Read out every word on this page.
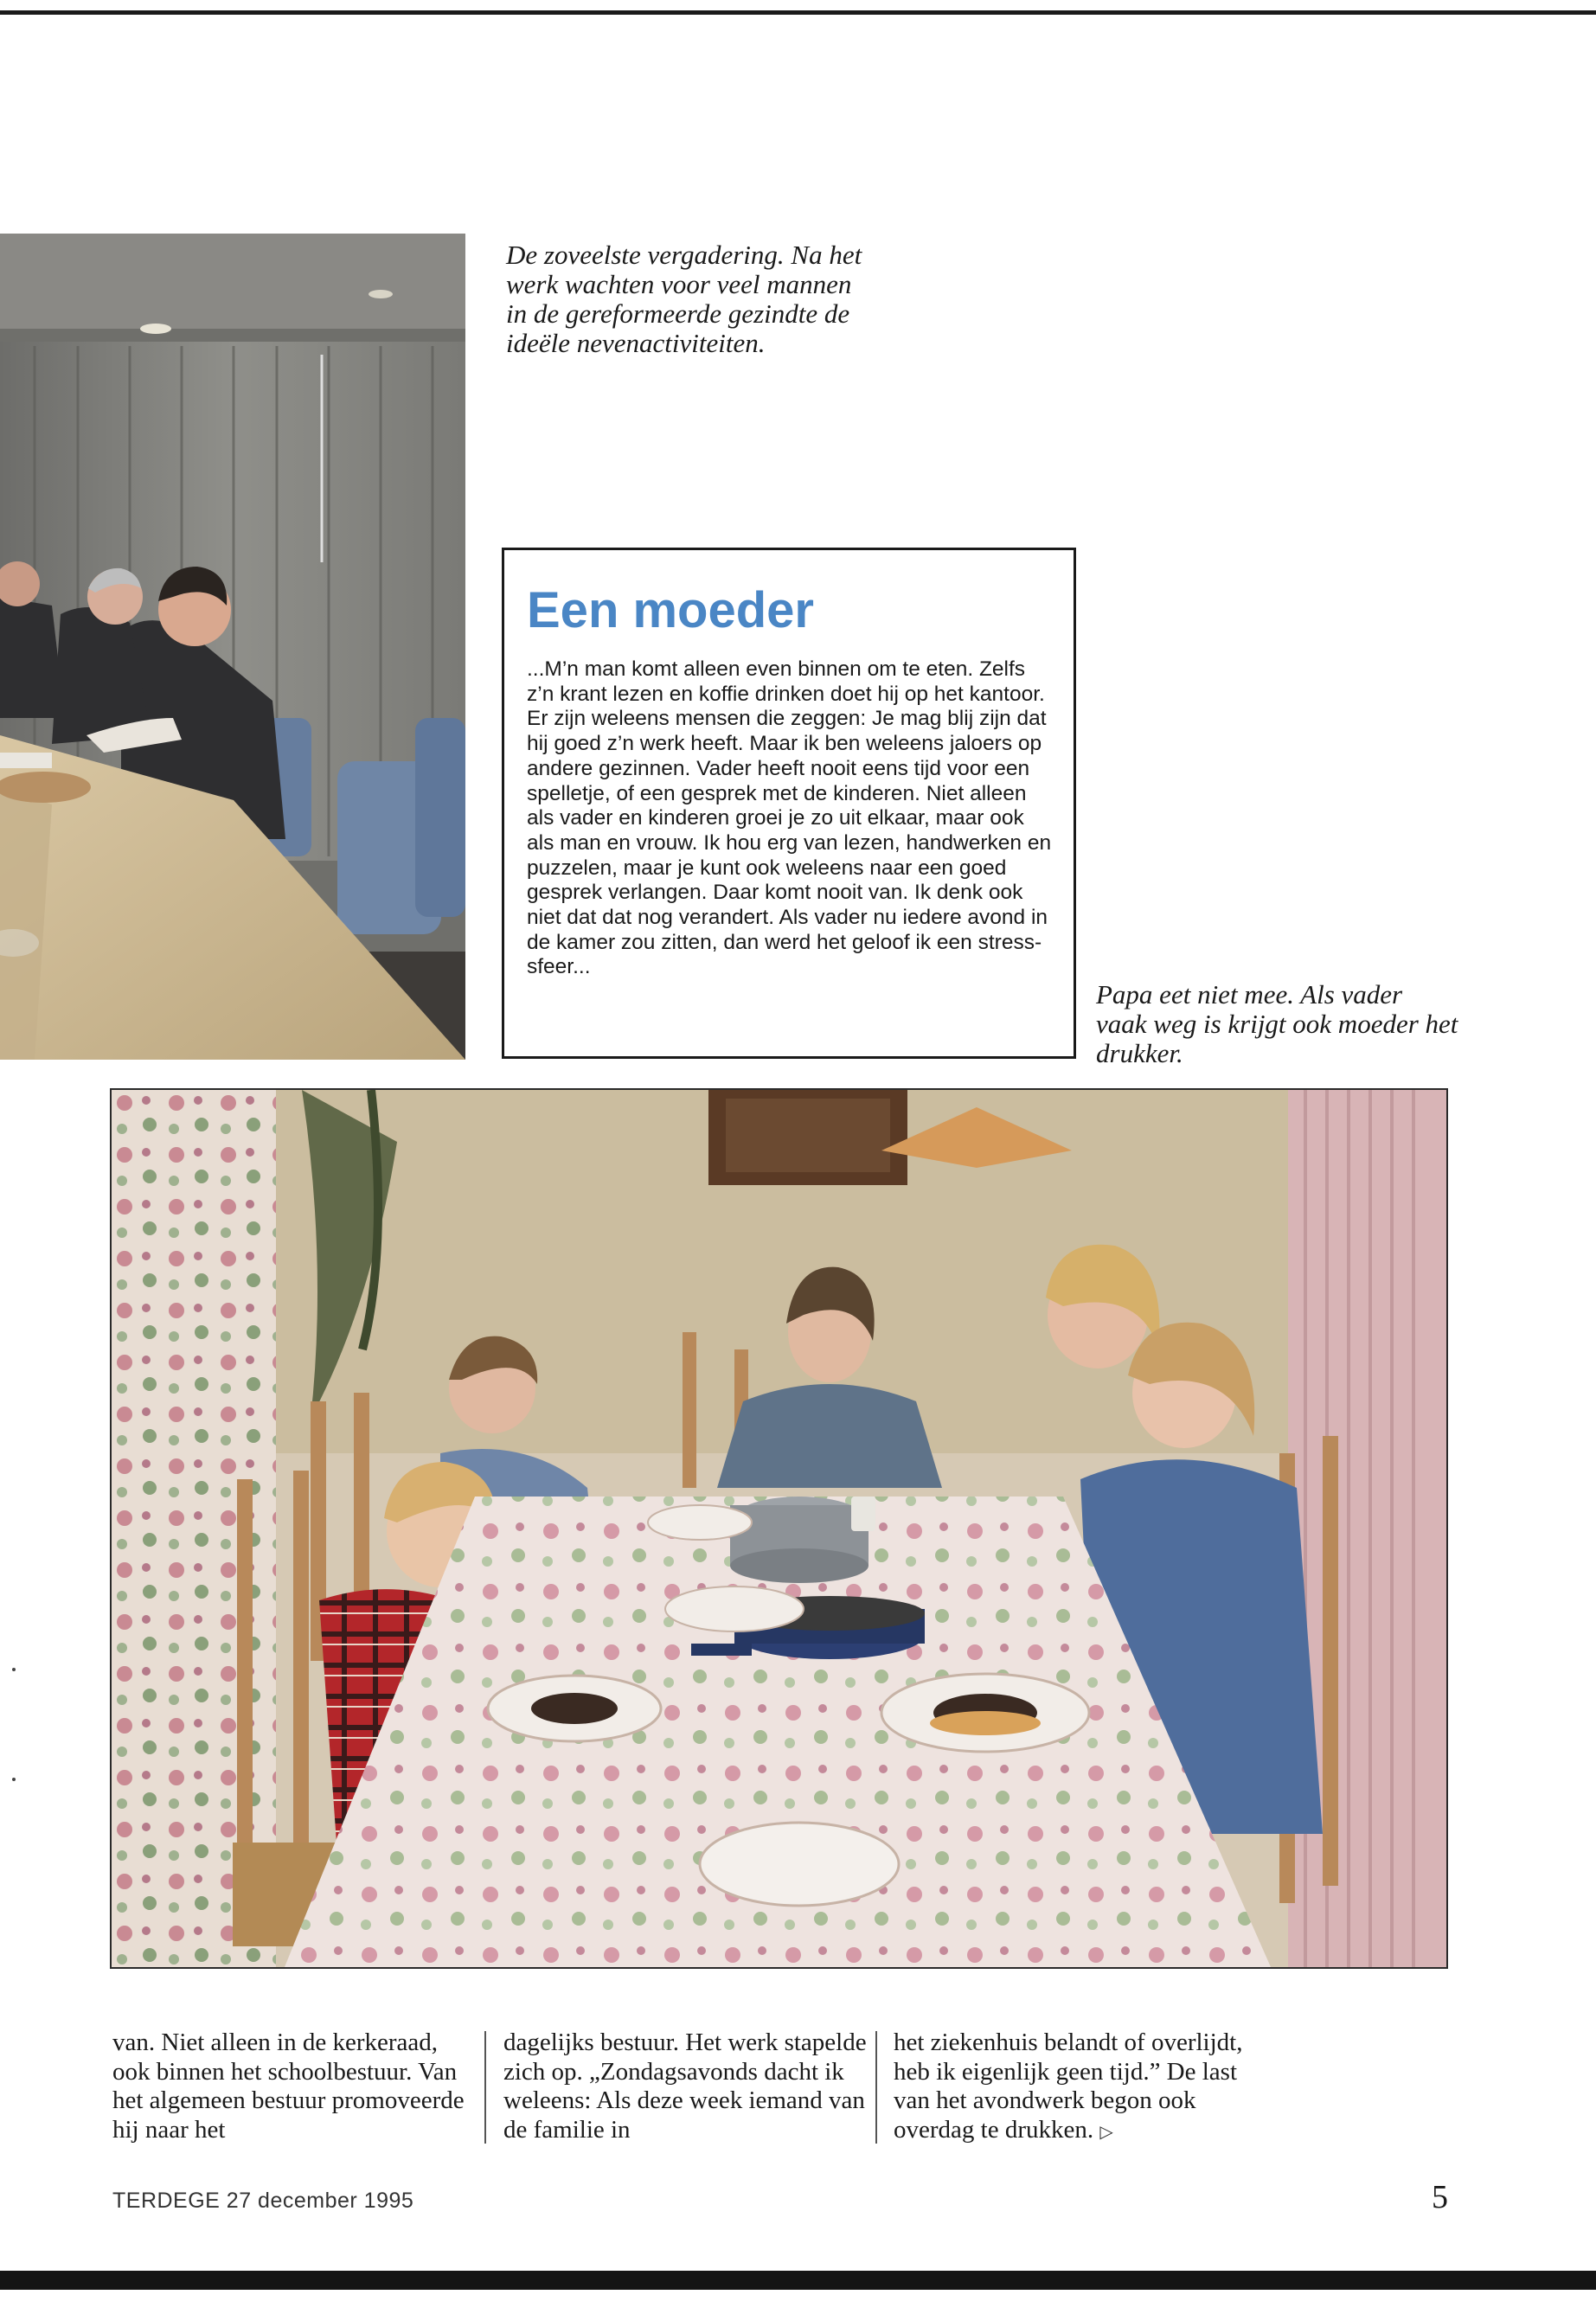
De zoveelste vergadering. Na het werk wachten voor veel mannen in de gereformeerde gezindte de ideële nevenactiviteiten.
Een moeder

...M’n man komt alleen even binnen om te eten. Zelfs z’n krant lezen en koffie drinken doet hij op het kantoor. Er zijn weleens mensen die zeggen: Je mag blij zijn dat hij goed z’n werk heeft. Maar ik ben weleens jaloers op andere gezinnen. Vader heeft nooit eens tijd voor een spelletje, of een gesprek met de kinderen. Niet alleen als vader en kinderen groei je zo uit elkaar, maar ook als man en vrouw. Ik hou erg van lezen, handwerken en puzzelen, maar je kunt ook weleens naar een goed gesprek verlangen. Daar komt nooit van. Ik denk ook niet dat dat nog verandert. Als vader nu iedere avond in de kamer zou zitten, dan werd het geloof ik een stress-sfeer...

Papa eet niet mee. Als vader vaak weg is krijgt ook moeder het drukker.
van. Niet alleen in de kerkeraad, ook binnen het schoolbestuur. Van het algemeen bestuur promoveerde hij naar het
dagelijks bestuur. Het werk stapelde zich op. „Zondagsavonds dacht ik weleens: Als deze week iemand van de familie in
het ziekenhuis belandt of overlijdt, heb ik eigenlijk geen tijd.” De last van het avondwerk begon ook overdag te drukken. ▷
TERDEGE 27 december 1995	5
